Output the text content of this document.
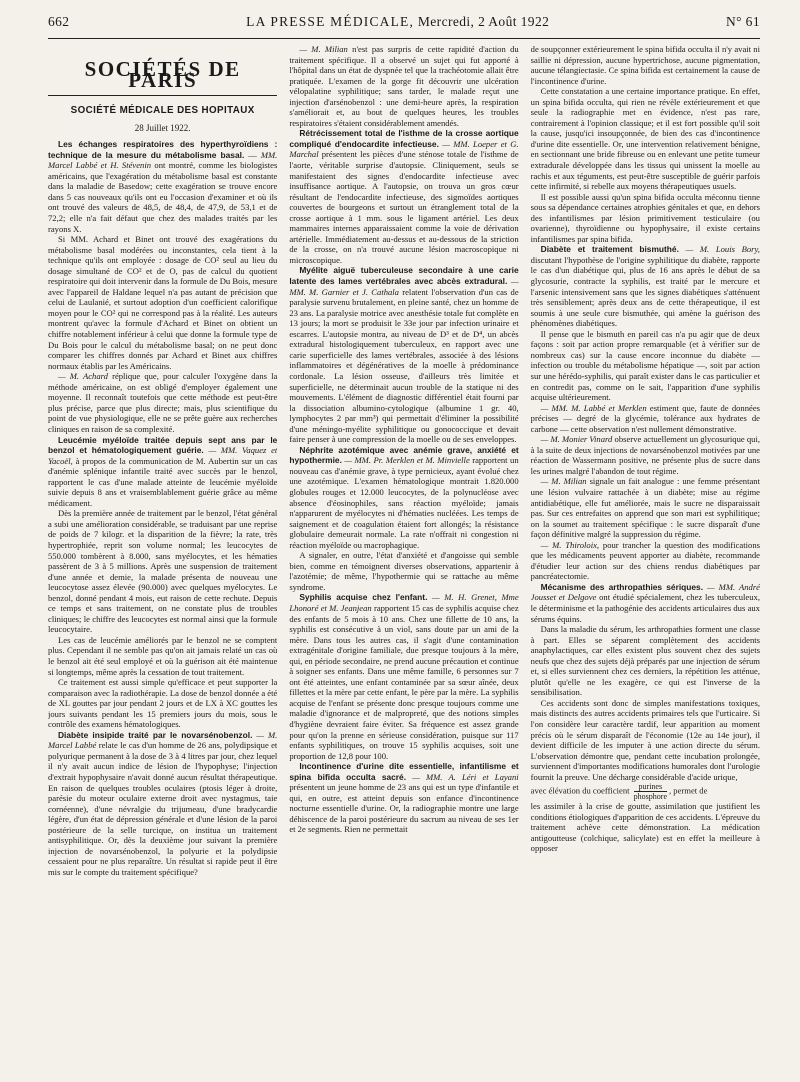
662	LA PRESSE MÉDICALE, Mercredi, 2 Août 1922	N° 61
SOCIÉTÉS DE PARIS
SOCIÉTÉ MÉDICALE DES HOPITAUX
28 Juillet 1922.

Les échanges respiratoires des hyperthyroïdiens : technique de la mesure du métabolisme basal. — MM. Marcel Labbé et H. Stévenin ont montré, comme les biologistes américains, que l'exagération du métabolisme basal est constante dans la maladie de Basedow; cette exagération se trouve encore dans 5 cas nouveaux qu'ils ont eu l'occasion d'examiner et où ils ont trouvé des valeurs de 48,5, de 48,4, de 47,9, de 53,1 et de 72,2; elle n'a fait défaut que chez des malades traités par les rayons X.

Si MM. Achard et Binet ont trouvé des exagérations du métabolisme basal modérées ou inconstantes, cela tient à la technique qu'ils ont employée : dosage de CO² seul au lieu du dosage simultané de CO² et de O, pas de calcul du quotient respiratoire qui doit intervenir dans la formule de Du Bois, mesure avec l'appareil de Haldane lequel n'a pas autant de précision que celui de Laulanié, et surtout adoption d'un coefficient calorifique moyen pour le CO² qui ne correspond pas à la réalité. Les auteurs montrent qu'avec la formule d'Achard et Binet on obtient un chiffre notablement inférieur à celui que donne la formule type de Du Bois pour le calcul du métabolisme basal; on ne peut donc comparer les chiffres donnés par Achard et Binet aux chiffres normaux établis par les Américains.

— M. Achard réplique que, pour calculer l'oxygène dans la méthode américaine, on est obligé d'employer également une moyenne. Il reconnaît toutefois que cette méthode est peut-être plus précise, parce que plus directe; mais, plus scientifique du point de vue physiologique, elle ne se prête guère aux recherches cliniques en raison de sa complexité.

Leucémie myéloïde traitée depuis sept ans par le benzol et hématologiquement guérie. — MM. Vaquez et Yacoël, à propos de la communication de M. Aubertin sur un cas d'anémie splénique infantile traité avec succès par le benzol, rapportent le cas d'une malade atteinte de leucémie myéloïde suivie depuis 8 ans et vraisemblablement guérie grâce au même médicament.

Dès la première année de traitement par le benzol, l'état général a subi une amélioration considérable, se traduisant par une reprise de poids de 7 kilogr. et la disparition de la fièvre; la rate, très hypertrophiée, reprit son volume normal; les leucocytes de 550.000 tombèrent à 8.000, sans myélocytes, et les hématies passèrent de 3 à 5 millions. Après une suspension de traitement d'une année et demie, la malade présenta de nouveau une leucocytose assez élevée (90.000) avec quelques myélocytes. Le benzol, donné pendant 4 mois, eut raison de cette rechute. Depuis ce temps et sans traitement, on ne constate plus de troubles cliniques; le chiffre des leucocytes est normal ainsi que la formule leucocytaire.

Les cas de leucémie améliorés par le benzol ne se comptent plus. Cependant il ne semble pas qu'on ait jamais relaté un cas où le benzol ait été seul employé et où la guérison ait été maintenue si longtemps, même après la cessation de tout traitement.

Ce traitement est aussi simple qu'efficace et peut supporter la comparaison avec la radiothérapie. La dose de benzol donnée a été de XL gouttes par jour pendant 2 jours et de LX à XC gouttes les jours suivants pendant les 15 premiers jours du mois, sous le contrôle des examens hématologiques.

Diabète insipide traité par le novarsénobenzol. — M. Marcel Labbé relate le cas d'un homme de 26 ans, polydipsique et polyurique permanent à la dose de 3 à 4 litres par jour, chez lequel il n'y avait aucun indice de lésion de l'hypophyse; l'injection d'extrait hypophysaire n'avait donné aucun résultat thérapeutique. En raison de quelques troubles oculaires (ptosis léger à droite, parésie du moteur oculaire externe droit avec nystagmus, taie cornéenne), d'une névralgie du trijumeau, d'une bradycardie légère, d'un état de dépression générale et d'une lésion de la paroi postérieure de la selle turcique, on institua un traitement antisyphilitique. Or, dès la deuxième jour suivant la première injection de novarsénobenzol, la polyurie et la polydipsie cessaient pour ne plus reparaître. Un résultat si rapide peut il être mis sur le compte du traitement spécifique?

— M. Milian n'est pas surpris de cette rapidité d'action du traitement spécifique. Il a observé un sujet qui fut apporté à l'hôpital dans un état de dyspnée tel que la trachéotomie allait être pratiquée. L'examen de la gorge fit découvrir une ulcération vélopalatine syphilitique; sans tarder, le malade reçut une injection d'arsénobenzol : une demi-heure après, la respiration s'améliorait et, au bout de quelques heures, les troubles respiratoires s'étaient considérablement amendés.

Rétrécissement total de l'isthme de la crosse aortique compliqué d'endocardite infectieuse. — MM. Loeper et G. Marchal présentent les pièces d'une sténose totale de l'isthme de l'aorte, véritable surprise d'autopsie. Cliniquement, seuls se manifestaient des signes d'endocardite infectieuse avec insuffisance aortique. A l'autopsie, on trouva un gros cœur résultant de l'endocardite infectieuse, des sigmoïdes aortiques couvertes de bourgeons et surtout un étranglement total de la crosse aortique à 1 mm. sous le ligament artériel. Les deux mammaires internes apparaissaient comme la voie de dérivation artérielle. Immédiatement au-dessus et au-dessous de la striction de la crosse, on n'a trouvé aucune lésion macroscopique ni microscopique.

Myélite aiguë tuberculeuse secondaire à une carie latente des lames vertébrales avec abcès extradural. — MM. M. Garnier et J. Cathala relatent l'observation d'un cas de paralysie survenu brutalement, en pleine santé, chez un homme de 23 ans. La paralysie motrice avec anesthésie totale fut complète en 13 jours; la mort se produisit le 33e jour par infection urinaire et escarres. L'autopsie montra, au niveau de D³ et de D⁴, un abcès extradural histologiquement tuberculeux, en rapport avec une carie superficielle des lames vertébrales, associée à des lésions inflammatoires et dégénératives de la moelle à prédominance cordonale. La lésion osseuse, d'ailleurs très limitée et superficielle, ne déterminait aucun trouble de la statique ni des mouvements. L'élément de diagnostic différentiel était fourni par la dissociation albumino-cytologique (albumine 1 gr. 40, lymphocytes 2 par mm³) qui permettait d'éliminer la possibilité d'une méningo-myélite syphilitique ou gonococcique et devait faire penser à une compression de la moelle ou de ses enveloppes.

Néphrite azotémique avec anémie grave, anxiété et hypothermie. — MM. Pr. Merklen et M. Minvielle rapportent un nouveau cas d'anémie grave, à type pernicieux, ayant évolué chez une azotémique. L'examen hématologique montrait 1.820.000 globules rouges et 12.000 leucocytes, de la polynucléose avec absence d'éosinophiles, sans réaction myéloïde; jamais n'apparurent de myélocytes ni d'hématies nucléées. Les temps de saignement et de coagulation étaient fort allongés; la résistance globulaire demeurait normale. La rate n'offrait ni congestion ni réaction myéloïde ou macrophagique.

A signaler, en outre, l'état d'anxiété et d'angoisse qui semble bien, comme en témoignent diverses observations, appartenir à l'azotémie; de même, l'hypothermie qui se rattache au même syndrome.

Syphilis acquise chez l'enfant. — M. H. Grenet, Mme Lhonoré et M. Jeanjean rapportent 15 cas de syphilis acquise chez des enfants de 5 mois à 10 ans. Chez une fillette de 10 ans, la syphilis est consécutive à un viol, sans doute par un ami de la mère. Dans tous les autres cas, il s'agit d'une contamination extragénitale d'origine familiale, due presque toujours à la mère, qui, en période secondaire, ne prend aucune précaution et continue à soigner ses enfants. Dans une même famille, 6 personnes sur 7 ont été atteintes, une enfant contaminée par sa sœur aînée, deux fillettes et la mère par cette enfant, le père par la mère. La syphilis acquise de l'enfant se présente donc presque toujours comme une maladie d'ignorance et de malpropreté, que des notions simples d'hygiène devraient faire éviter. Sa fréquence est assez grande pour qu'on la prenne en sérieuse considération, puisque sur 117 enfants syphilitiques, on trouve 15 syphilis acquises, soit une proportion de 12,8 pour 100.

Incontinence d'urine dite essentielle, infantilisme et spina bifida occulta sacré. — MM. A. Léri et Layani présentent un jeune homme de 23 ans qui est un type d'infantile et qui, en outre, est atteint depuis son enfance d'incontinence nocturne essentielle d'urine. Or, la radiographie montre une large déhiscence de la paroi postérieure du sacrum au niveau de ses 1er et 2e segments. Rien ne permettait

de soupçonner extérieurement le spina bifida occulta il n'y avait ni saillie ni dépression, aucune hypertrichose, aucune pigmentation, aucune télangiectasie. Ce spina bifida est certainement la cause de l'incontinence d'urine.

Cette constatation a une certaine importance pratique. En effet, un spina bifida occulta, qui rien ne révèle extérieurement et que seule la radiographie met en évidence, n'est pas rare, contrairement à l'opinion classique; et il est fort possible qu'il soit la cause, jusqu'ici insoupçonnée, de bien des cas d'incontinence d'urine dite essentielle. Or, une intervention relativement bénigne, en sectionnant une bride fibreuse ou en enlevant une petite tumeur extradurale développée dans les tissus qui unissent la moelle au rachis et aux téguments, est peut-être susceptible de guérir parfois cette infirmité, si rebelle aux moyens thérapeutiques usuels.

Il est possible aussi qu'un spina bifida occulta méconnu tienne sous sa dépendance certaines atrophies génitales et que, en dehors des infantilismes par lésion primitivement testiculaire (ou ovarienne), thyroïdienne ou hypophysaire, il existe certains infantilismes par spina bifida.

Diabète et traitement bismuthé. — M. Louis Bory, discutant l'hypothèse de l'origine syphilitique du diabète, rapporte le cas d'un diabétique qui, plus de 16 ans après le début de sa glycosurie, contracte la syphilis, est traité par le mercure et l'arsenic intensivement sans que les signes diabétiques s'atténuent très sensiblement; après deux ans de cette thérapeutique, il est soumis à une seule cure bismuthée, qui amène la guérison des phénomènes diabétiques.

Il pense que le bismuth en pareil cas n'a pu agir que de deux façons : soit par action propre remarquable (et à vérifier sur de nombreux cas) sur la cause encore inconnue du diabète — infection ou trouble du métabolisme hépatique —, soit par action sur une hérédo-syphilis, qui paraît exister dans le cas particulier et en contredit pas, comme on le sait, l'apparition d'une syphilis acquise ultérieurement.

— MM. M. Labbé et Merklen estiment que, faute de données précises — degré de la glycémie, tolérance aux hydrates de carbone — cette observation n'est nullement démonstrative.

— M. Monier Vinard observe actuellement un glycosurique qui, à la suite de deux injections de novarsénobenzol motivées par une réaction de Wassermann positive, ne présente plus de sucre dans les urines malgré l'abandon de tout régime.

— M. Milian signale un fait analogue : une femme présentant une lésion vulvaire rattachée à un diabète; mise au régime antidiabétique, elle fut améliorée, mais le sucre ne disparaissait pas. Sur ces entrefaites on apprend que son mari est syphilitique; on la soumet au traitement spécifique : le sucre disparaît d'une façon définitive malgré la suppression du régime.

— M. Thiroloix, pour trancher la question des modifications que les médicaments peuvent apporter au diabète, recommande d'étudier leur action sur des chiens rendus diabétiques par pancréatectomie.

Mécanisme des arthropathies sériques. — MM. André Jousset et Delgove ont étudié spécialement, chez les tuberculeux, le déterminisme et la pathogénie des accidents articulaires dus aux sérums équins.

Dans la maladie du sérum, les arthropathies forment une classe à part. Elles se séparent complètement des accidents anaphylactiques, car elles existent plus souvent chez des sujets neufs que chez des sujets déjà préparés par une injection de sérum et, si elles surviennent chez ces derniers, la répétition les atténue, plutôt qu'elle ne les exagère, ce qui est l'inverse de la sensibilisation.

Ces accidents sont donc de simples manifestations toxiques, mais distincts des autres accidents primaires tels que l'urticaire. Si l'on considère leur caractère tardif, leur apparition au moment précis où le sérum disparaît de l'économie (12e au 14e jour), il devient difficile de les imputer à une action directe du sérum. L'observation démontre que, pendant cette incubation prolongée, surviennent d'importantes modifications humorales dont l'urologie fournit la preuve. Une décharge considérable d'acide urique,

avec élévation du coefficient $\frac{\text{purines}}{\text{phosphore}}$ , permet de

les assimiler à la crise de goutte, assimilation que justifient les conditions étiologiques d'apparition de ces accidents. L'épreuve du traitement achève cette démonstration. La médication antigoutteuse (colchique, salicylate) est en effet la meilleure à opposer
